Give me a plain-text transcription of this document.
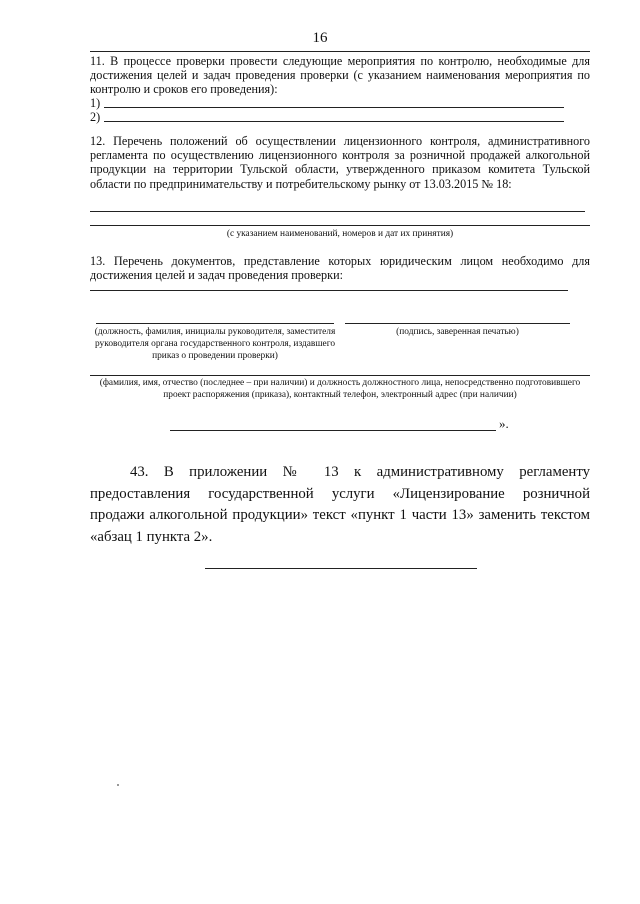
16
11. В процессе проверки провести следующие мероприятия по контролю, необходимые для достижения целей и задач проведения проверки (с указанием наименования мероприятия по контролю и сроков его проведения):
1)
2)
12. Перечень положений об осуществлении лицензионного контроля, административного регламента по осуществлению лицензионного контроля за розничной продажей алкогольной продукции на территории Тульской области, утвержденного приказом комитета Тульской области по предпринимательству и потребительскому рынку от 13.03.2015 № 18:
(с указанием наименований, номеров и дат их принятия)
13. Перечень документов, представление которых юридическим лицом необходимо для достижения целей и задач проведения проверки:
(должность, фамилия, инициалы руководителя, заместителя руководителя органа государственного контроля, издавшего приказ о проведении проверки)
(подпись, заверенная печатью)
(фамилия, имя, отчество (последнее – при наличии) и должность должностного лица, непосредственно подготовившего проект распоряжения (приказа), контактный телефон, электронный адрес (при наличии)
».
43. В приложении № 13 к административному регламенту предоставления государственной услуги «Лицензирование розничной продажи алкогольной продукции» текст «пункт 1 части 13» заменить текстом «абзац 1 пункта 2».
